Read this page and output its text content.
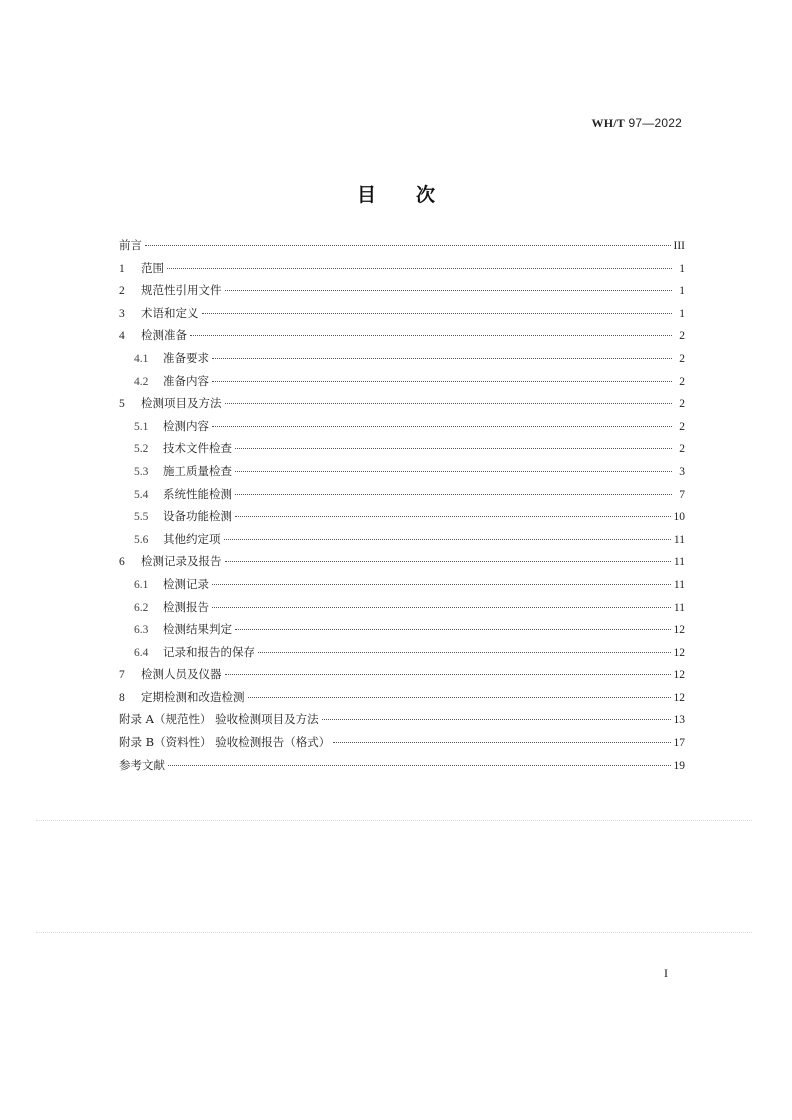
WH/T 97—2022
目次
前言	III
1 范围	1
2 规范性引用文件	1
3 术语和定义	1
4 检测准备	2
4.1 准备要求	2
4.2 准备内容	2
5 检测项目及方法	2
5.1 检测内容	2
5.2 技术文件检查	2
5.3 施工质量检查	3
5.4 系统性能检测	7
5.5 设备功能检测	10
5.6 其他约定项	11
6 检测记录及报告	11
6.1 检测记录	11
6.2 检测报告	11
6.3 检测结果判定	12
6.4 记录和报告的保存	12
7 检测人员及仪器	12
8 定期检测和改造检测	12
附录 A（规范性） 验收检测项目及方法	13
附录 B（资料性） 验收检测报告（格式）	17
参考文献	19
I
